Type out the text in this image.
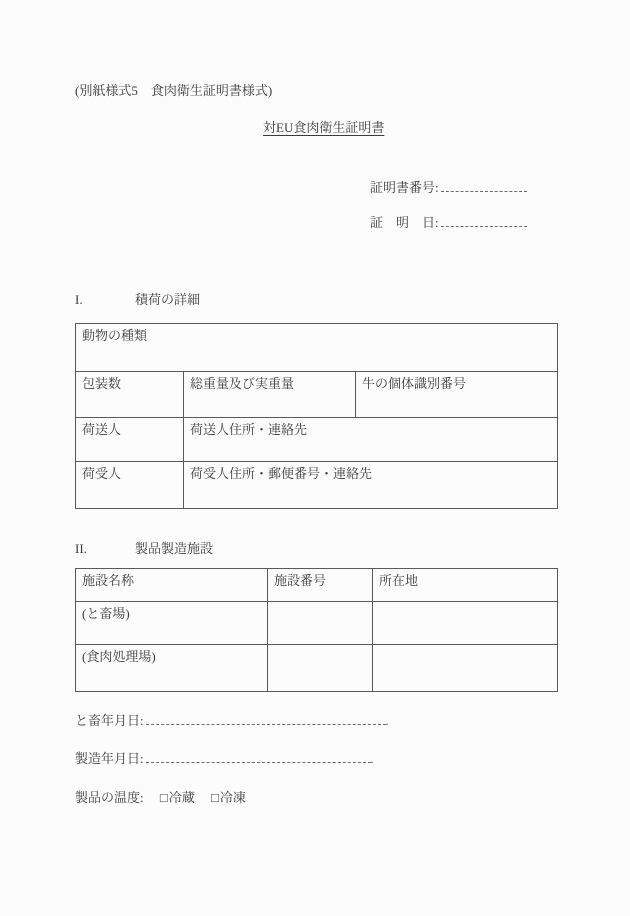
(別紙様式5　食肉衛生証明書様式)
対EU食肉衛生証明書
証明書番号:
証　明　日:
I.	積荷の詳細
動物の種類		
包装数	総重量及び実重量	牛の個体識別番号
荷送人	荷送人住所・連絡先	
荷受人	荷受人住所・郵便番号・連絡先	
II.	製品製造施設
施設名称	施設番号	所在地
(と畜場)		
(食肉処理場)		
と畜年月日:	.
製造年月日:	.
製品の温度: □冷蔵 □冷凍
